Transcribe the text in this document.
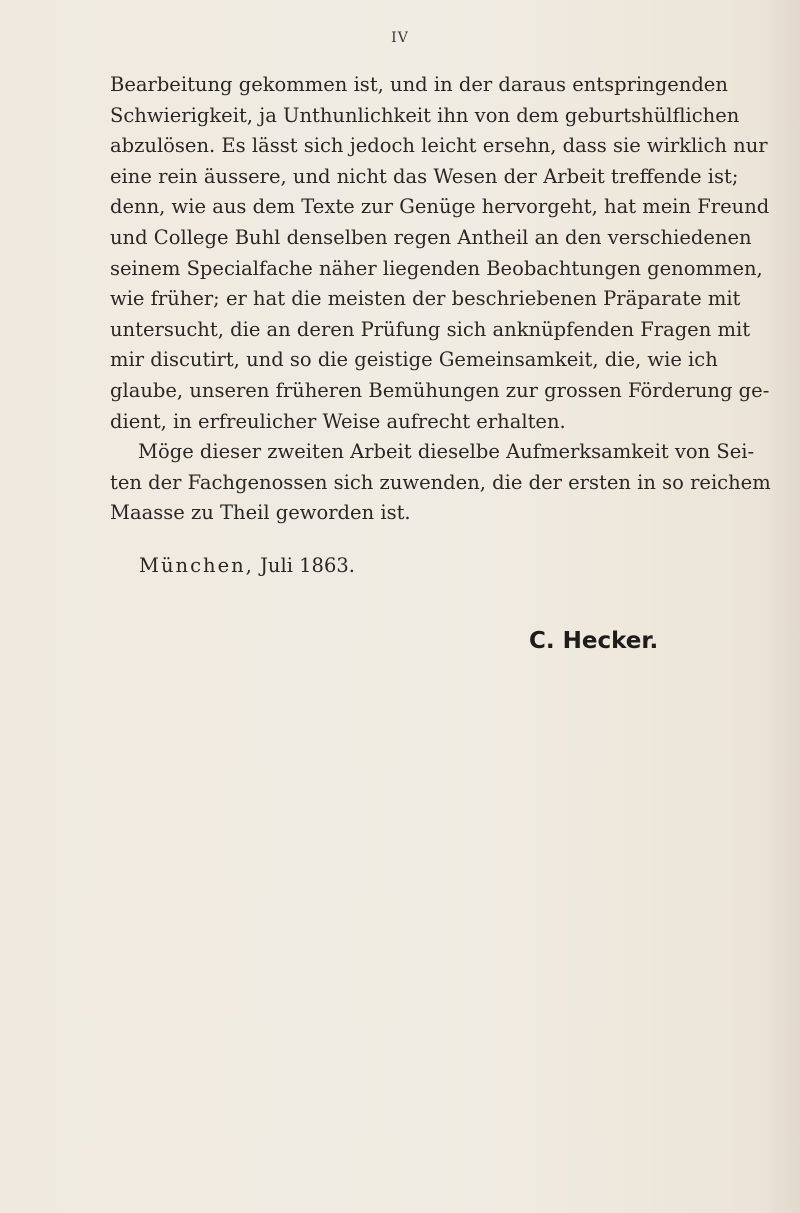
IV
Bearbeitung gekommen ist, und in der daraus entspringenden
Schwierigkeit, ja Unthunlichkeit ihn von dem geburtshülflichen
abzulösen. Es lässt sich jedoch leicht ersehn, dass sie wirklich nur
eine rein äussere, und nicht das Wesen der Arbeit treffende ist;
denn, wie aus dem Texte zur Genüge hervorgeht, hat mein Freund
und College Buhl denselben regen Antheil an den verschiedenen
seinem Specialfache näher liegenden Beobachtungen genommen,
wie früher; er hat die meisten der beschriebenen Präparate mit
untersucht, die an deren Prüfung sich anknüpfenden Fragen mit
mir discutirt, und so die geistige Gemeinsamkeit, die, wie ich
glaube, unseren früheren Bemühungen zur grossen Förderung ge-
dient, in erfreulicher Weise aufrecht erhalten.
Möge dieser zweiten Arbeit dieselbe Aufmerksamkeit von Sei-
ten der Fachgenossen sich zuwenden, die der ersten in so reichem
Maasse zu Theil geworden ist.
München, Juli 1863.
C. Hecker.
